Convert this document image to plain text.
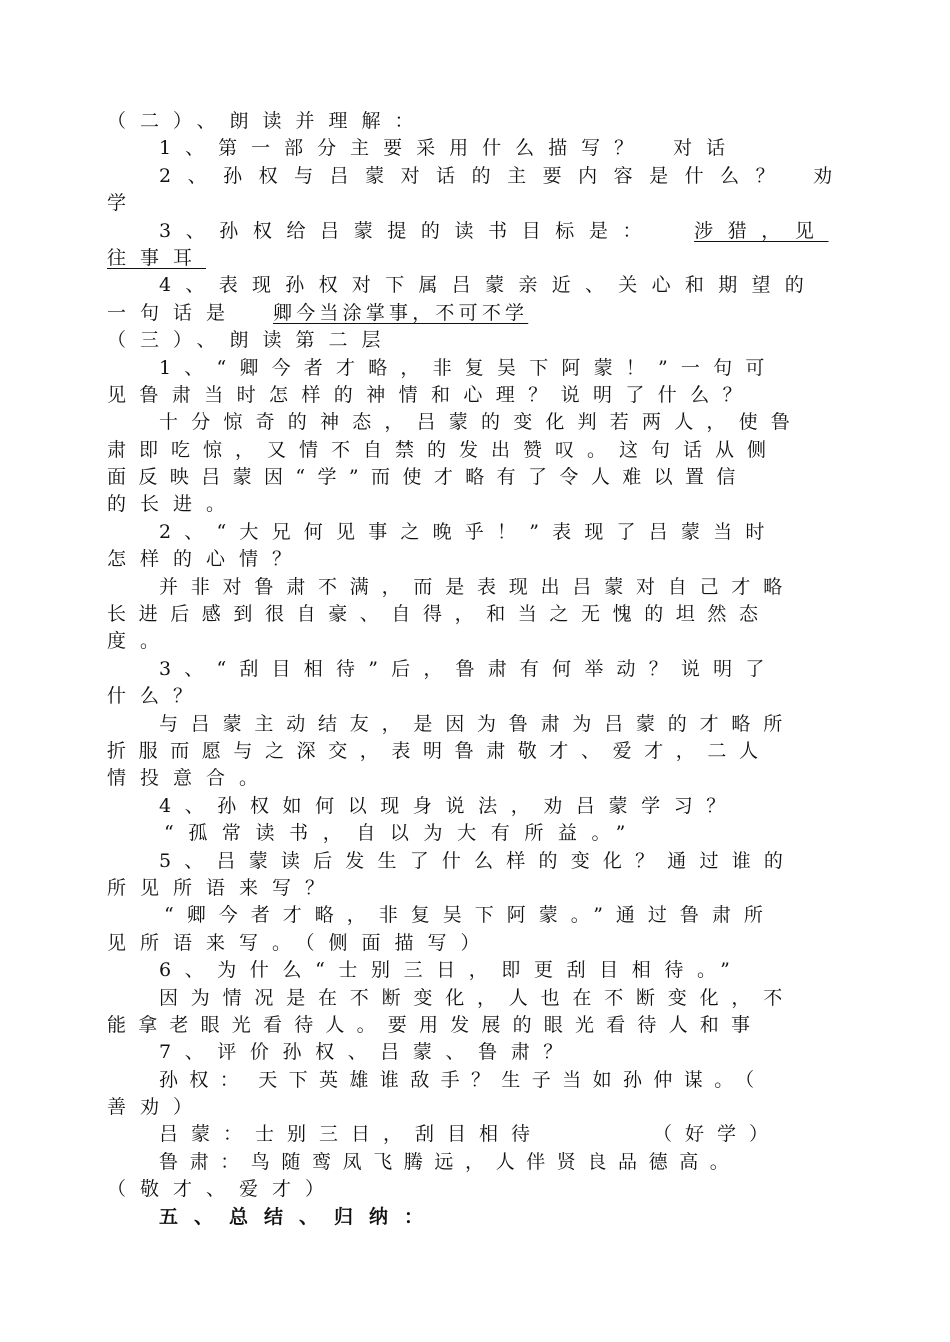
（二）、朗读并理解：
1、第一部分主要采用什么描写？ 对话
2、孙权与吕蒙对话的主要内容是什么？ 劝
学
3、孙权给吕蒙提的读书目标是： 涉猎，见
往事耳
4、表现孙权对下属吕蒙亲近、关心和期望的
一句话是 卿今当涂掌事，不可不学
（三）、朗读第二层
1、“卿今者才略，非复吴下阿蒙！”一句可
见鲁肃当时怎样的神情和心理？说明了什么？
十分惊奇的神态，吕蒙的变化判若两人，使鲁
肃即吃惊，又情不自禁的发出赞叹。这句话从侧
面反映吕蒙因“学”而使才略有了令人难以置信
的长进。
2、“大兄何见事之晚乎！”表现了吕蒙当时
怎样的心情？
并非对鲁肃不满，而是表现出吕蒙对自己才略
长进后感到很自豪、自得，和当之无愧的坦然态
度。
3、“刮目相待”后，鲁肃有何举动？说明了
什么？
与吕蒙主动结友，是因为鲁肃为吕蒙的才略所
折服而愿与之深交，表明鲁肃敬才、爱才，二人
情投意合。
4、孙权如何以现身说法，劝吕蒙学习？
“孤常读书，自以为大有所益。”
5、吕蒙读后发生了什么样的变化？通过谁的
所见所语来写？
“卿今者才略，非复吴下阿蒙。”通过鲁肃所
见所语来写。（侧面描写）
6、为什么“士别三日，即更刮目相待。”
因为情况是在不断变化，人也在不断变化，不
能拿老眼光看待人。要用发展的眼光看待人和事
7、评价孙权、吕蒙、鲁肃？
孙权： 天下英雄谁敌手？生子当如孙仲谋。（
善劝）
吕蒙：士别三日，刮目相待	（好学）
鲁肃：鸟随鸾凤飞腾远，人伴贤良品德高。
（敬才、爱才）
五、总结、归纳：
